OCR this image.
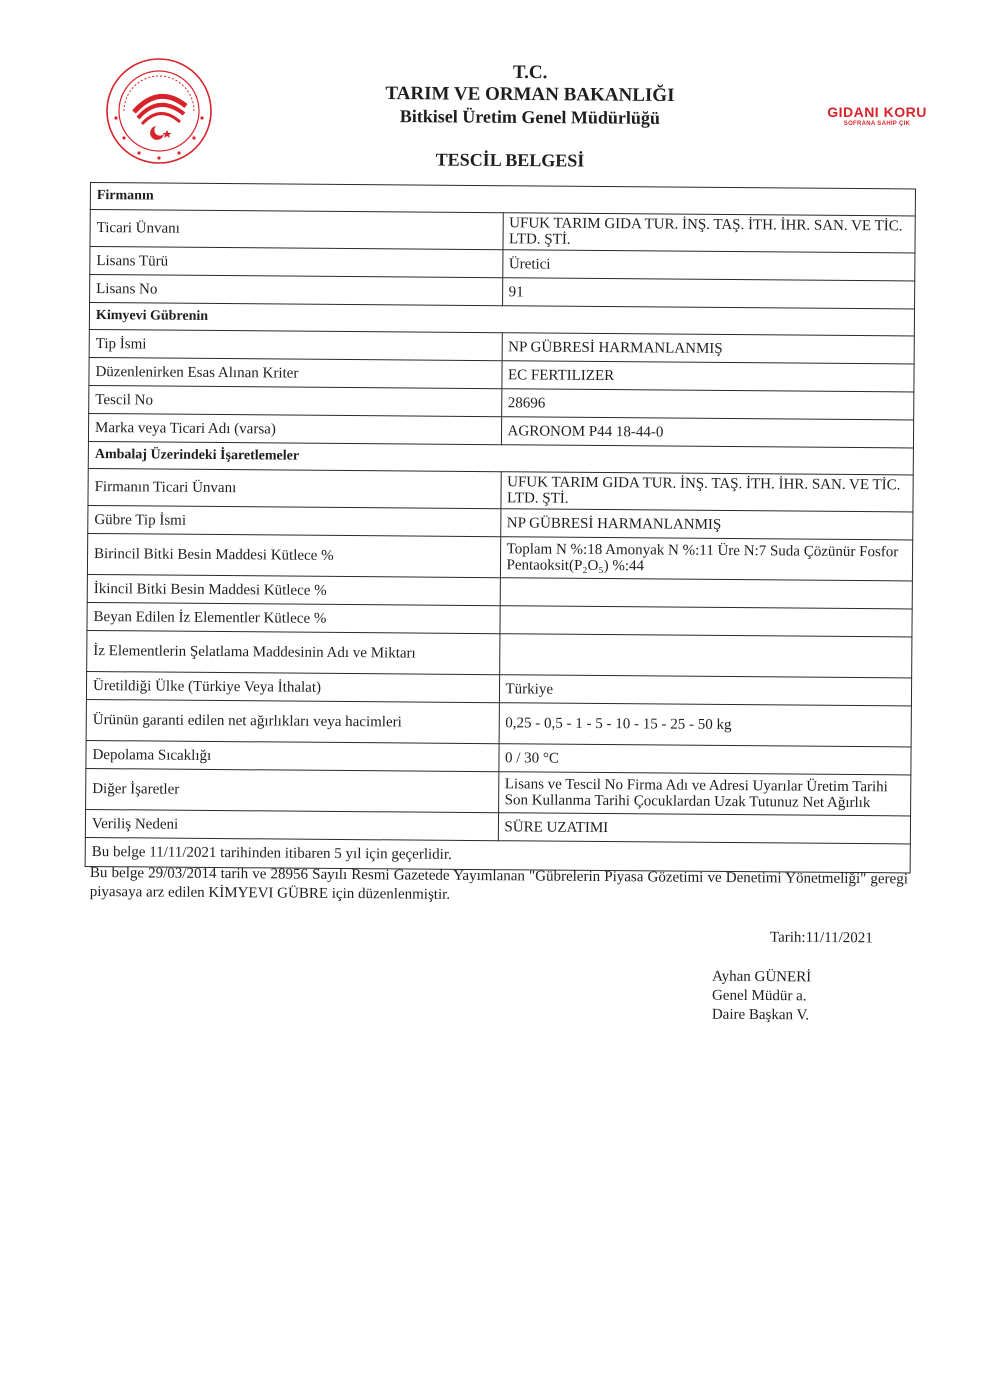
T.C.
TARIM VE ORMAN BAKANLIĞI
Bitkisel Üretim Genel Müdürlüğü
TESCİL BELGESİ
GIDANI KORU
SOFRANA SAHİP ÇIK
Firmanın	
Ticari Ünvanı	UFUK TARIM GIDA TUR. İNŞ. TAŞ. İTH. İHR. SAN. VE TİC. LTD. ŞTİ.
Lisans Türü	Üretici
Lisans No	91
Kimyevi Gübrenin	
Tip İsmi	NP GÜBRESİ HARMANLANMIŞ
Düzenlenirken Esas Alınan Kriter	EC FERTILIZER
Tescil No	28696
Marka veya Ticari Adı (varsa)	AGRONOM P44 18-44-0
Ambalaj Üzerindeki İşaretlemeler	
Firmanın Ticari Ünvanı	UFUK TARIM GIDA TUR. İNŞ. TAŞ. İTH. İHR. SAN. VE TİC. LTD. ŞTİ.
Gübre Tip İsmi	NP GÜBRESİ HARMANLANMIŞ
Birincil Bitki Besin Maddesi Kütlece %	Toplam N %:18 Amonyak N %:11 Üre N:7 Suda Çözünür Fosfor Pentaoksit(P₂O₅) %:44
İkincil Bitki Besin Maddesi Kütlece %	
Beyan Edilen İz Elementler Kütlece %	
İz Elementlerin Şelatlama Maddesinin Adı ve Miktarı	
Üretildiği Ülke (Türkiye Veya İthalat)	Türkiye
Ürünün garanti edilen net ağırlıkları veya hacimleri	0,25 - 0,5 - 1 - 5 - 10 - 15 - 25 - 50 kg
Depolama Sıcaklığı	0 / 30 °C
Diğer İşaretler	Lisans ve Tescil No Firma Adı ve Adresi Uyarılar Üretim Tarihi Son Kullanma Tarihi Çocuklardan Uzak Tutunuz Net Ağırlık
Veriliş Nedeni	SÜRE UZATIMI
Bu belge 11/11/2021 tarihinden itibaren 5 yıl için geçerlidir.	
Bu belge 29/03/2014 tarih ve 28956 Sayılı Resmi Gazetede Yayımlanan "Gübrelerin Piyasa Gözetimi ve Denetimi Yönetmeliği" geregi piyasaya arz edilen KİMYEVI GÜBRE için düzenlenmiştir.
Tarih:11/11/2021
Ayhan GÜNERİ
Genel Müdür a.
Daire Başkan V.
